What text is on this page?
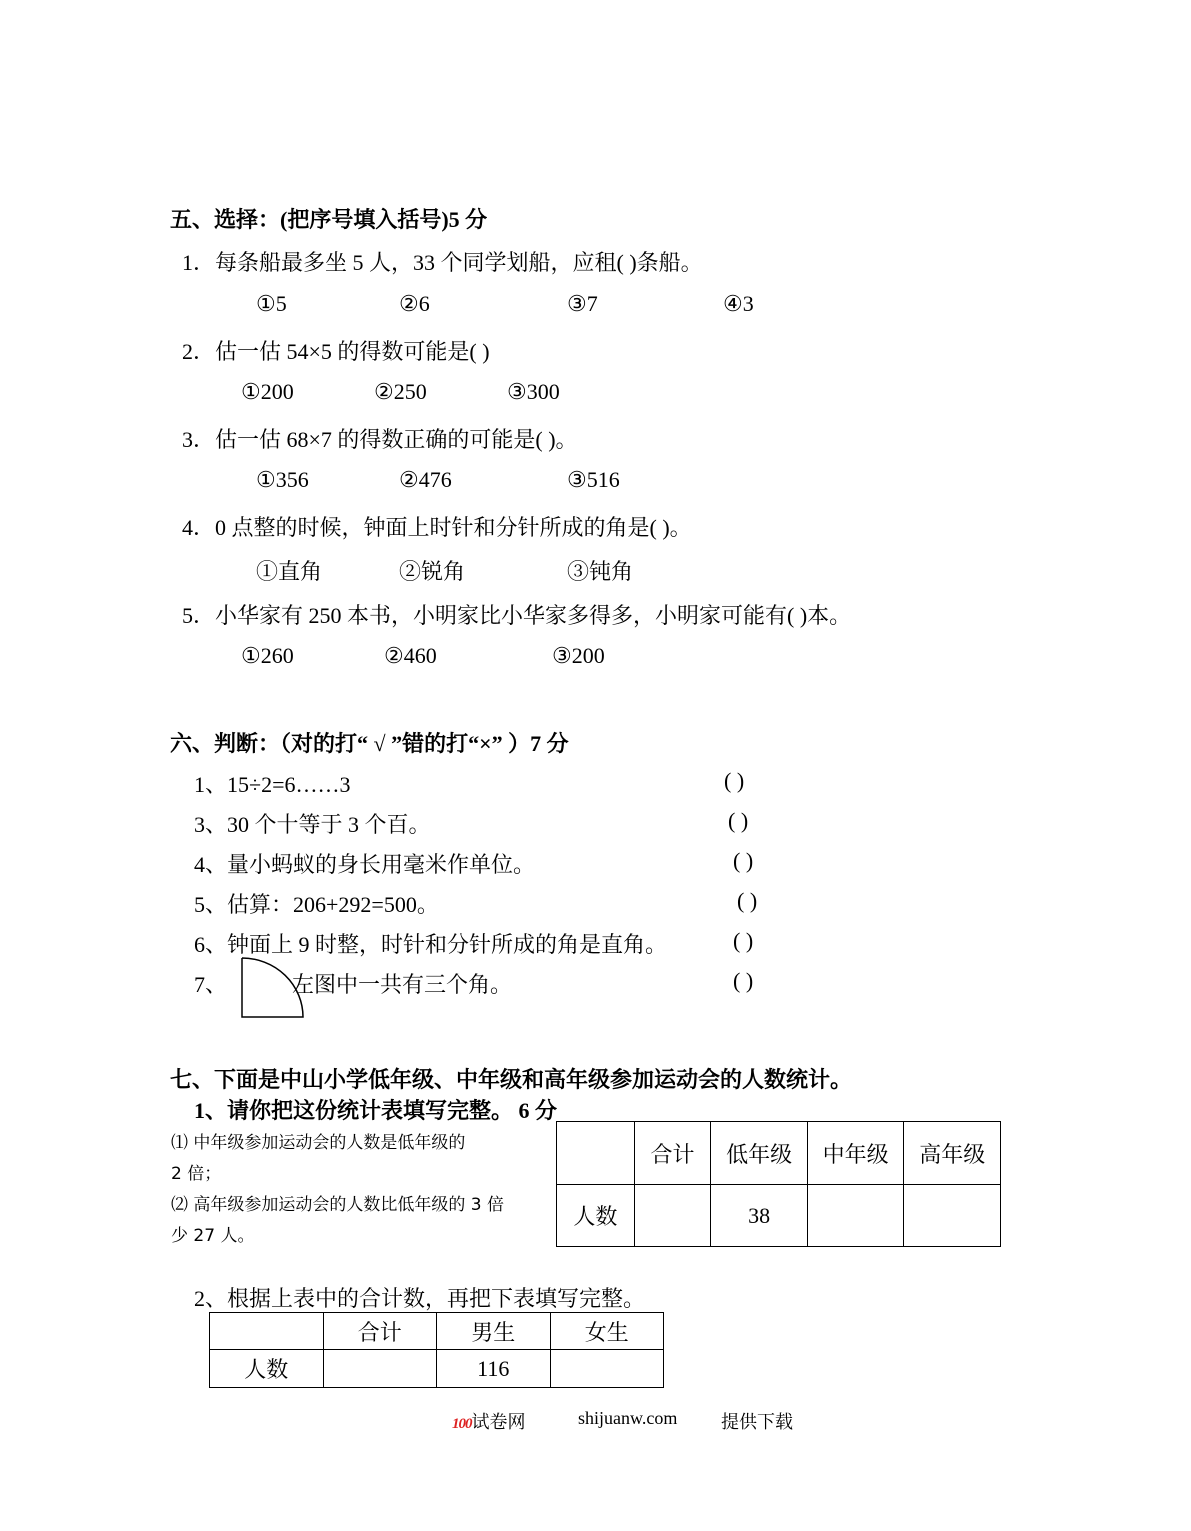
五、选择：(把序号填入括号)5 分
1．每条船最多坐 5 人，33 个同学划船，应租( )条船。
①5	②6	③7	④3
2．估一估 54×5 的得数可能是( )
①200	②250	③300
3．估一估 68×7 的得数正确的可能是( )。
①356	②476	③516
4．0 点整的时候，钟面上时针和分针所成的角是( )。
①直角	②锐角	③钝角
5．小华家有 250 本书，小明家比小华家多得多，小明家可能有( )本。
①260	②460	③200
六、判断：（对的打“ √ ”错的打“×” ）7 分
1、15÷2=6……3	( )
3、30 个十等于 3 个百。	( )
4、量小蚂蚁的身长用毫米作单位。	( )
5、估算：206+292=500。	( )
6、钟面上 9 时整，时针和分针所成的角是直角。	( )
7、	左图中一共有三个角。	( )
七、下面是中山小学低年级、中年级和高年级参加运动会的人数统计。
1、请你把这份统计表填写完整。 6 分
⑴ 中年级参加运动会的人数是低年级的
2 倍；
⑵ 高年级参加运动会的人数比低年级的 3 倍
少 27 人。
	合计	低年级	中年级	高年级
人数		38		
2、根据上表中的合计数，再把下表填写完整。
	合计	男生	女生
人数		116	
100试卷网	shijuanw.com 提供下载
